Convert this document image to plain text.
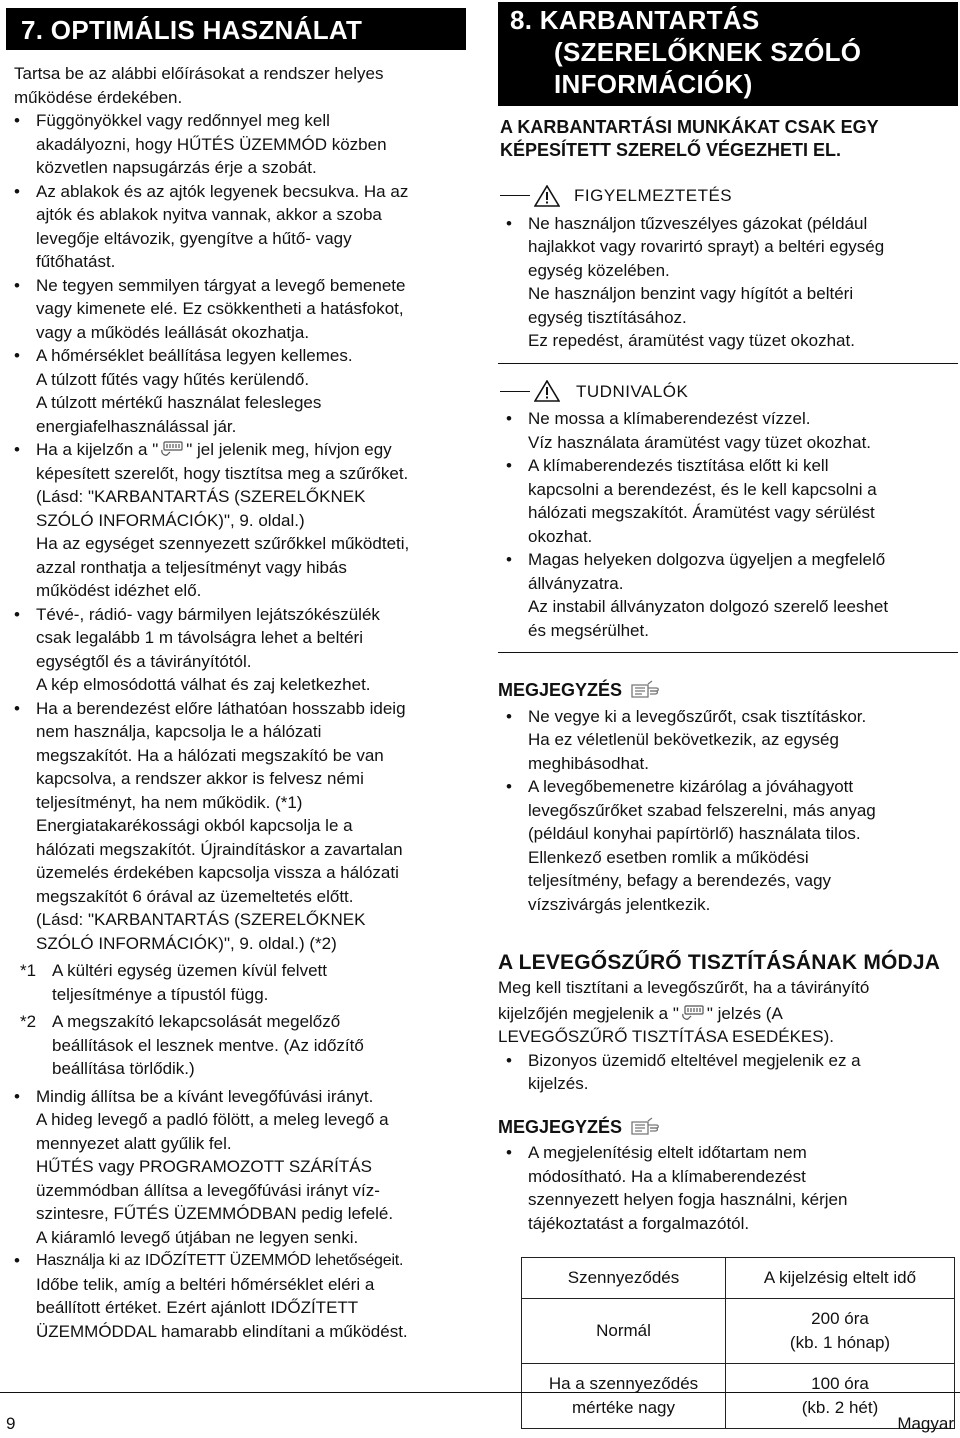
7. OPTIMÁLIS HASZNÁLAT
Tartsa be az alábbi előírásokat a rendszer helyes
működése érdekében.
• Függönyökkel vagy redőnnyel meg kell
akadályozni, hogy HŰTÉS ÜZEMMÓD közben
közvetlen napsugárzás érje a szobát.
• Az ablakok és az ajtók legyenek becsukva. Ha az
ajtók és ablakok nyitva vannak, akkor a szoba
levegője eltávozik, gyengítve a hűtő- vagy
fűtőhatást.
• Ne tegyen semmilyen tárgyat a levegő bemenete
vagy kimenete elé. Ez csökkentheti a hatásfokot,
vagy a működés leállását okozhatja.
• A hőmérséklet beállítása legyen kellemes.
A túlzott fűtés vagy hűtés kerülendő.
A túlzott mértékű használat felesleges
energiafelhasználással jár.
• Ha a kijelzőn a " " jel jelenik meg, hívjon egy
képesített szerelőt, hogy tisztítsa meg a szűrőket.
(Lásd: "KARBANTARTÁS (SZERELŐKNEK
SZÓLÓ INFORMÁCIÓK)", 9. oldal.)
Ha az egységet szennyezett szűrőkkel működteti,
azzal ronthatja a teljesítményt vagy hibás
működést idézhet elő.
• Tévé-, rádió- vagy bármilyen lejátszókészülék
csak legalább 1 m távolságra lehet a beltéri
egységtől és a távirányítótól.
A kép elmosódottá válhat és zaj keletkezhet.
• Ha a berendezést előre láthatóan hosszabb ideig
nem használja, kapcsolja le a hálózati
megszakítót. Ha a hálózati megszakító be van
kapcsolva, a rendszer akkor is felvesz némi
teljesítményt, ha nem működik. (*1)
Energiatakarékossági okból kapcsolja le a
hálózati megszakítót. Újraindításkor a zavartalan
üzemelés érdekében kapcsolja vissza a hálózati
megszakítót 6 órával az üzemeltetés előtt.
(Lásd: "KARBANTARTÁS (SZERELŐKNEK
SZÓLÓ INFORMÁCIÓK)", 9. oldal.) (*2)
*1 A kültéri egység üzemen kívül felvett
teljesítménye a típustól függ.
*2 A megszakító lekapcsolását megelőző
beállítások el lesznek mentve. (Az időzítő
beállítása törlődik.)
• Mindig állítsa be a kívánt levegőfúvási irányt.
A hideg levegő a padló fölött, a meleg levegő a
mennyezet alatt gyűlik fel.
HŰTÉS vagy PROGRAMOZOTT SZÁRÍTÁS
üzemmódban állítsa a levegőfúvási irányt víz-
szintesre, FŰTÉS ÜZEMMÓDBAN pedig lefelé.
A kiáramló levegő útjában ne legyen senki.
• Használja ki az IDŐZÍTETT ÜZEMMÓD lehetőségeit.
Időbe telik, amíg a beltéri hőmérséklet eléri a
beállított értéket. Ezért ajánlott IDŐZÍTETT
ÜZEMMÓDDAL hamarabb elindítani a működést.
8. KARBANTARTÁS
(SZERELŐKNEK SZÓLÓ
INFORMÁCIÓK)
A KARBANTARTÁSI MUNKÁKAT CSAK EGY
KÉPESÍTETT SZERELŐ VÉGEZHETI EL.
FIGYELMEZTETÉS
• Ne használjon tűzveszélyes gázokat (például
hajlakkot vagy rovarirtó sprayt) a beltéri egység
egység közelében.
Ne használjon benzint vagy hígítót a beltéri
egység tisztításához.
Ez repedést, áramütést vagy tüzet okozhat.
TUDNIVALÓK
• Ne mossa a klímaberendezést vízzel.
Víz használata áramütést vagy tüzet okozhat.
• A klímaberendezés tisztítása előtt ki kell
kapcsolni a berendezést, és le kell kapcsolni a
hálózati megszakítót. Áramütést vagy sérülést
okozhat.
• Magas helyeken dolgozva ügyeljen a megfelelő
állványzatra.
Az instabil állványzaton dolgozó szerelő leeshet
és megsérülhet.
MEGJEGYZÉS
• Ne vegye ki a levegőszűrőt, csak tisztításkor.
Ha ez véletlenül bekövetkezik, az egység
meghibásodhat.
• A levegőbemenetre kizárólag a jóváhagyott
levegőszűrőket szabad felszerelni, más anyag
(például konyhai papírtörlő) használata tilos.
Ellenkező esetben romlik a működési
teljesítmény, befagy a berendezés, vagy
vízszivárgás jelentkezik.
A LEVEGŐSZŰRŐ TISZTÍTÁSÁNAK MÓDJA
Meg kell tisztítani a levegőszűrőt, ha a távirányító
kijelzőjén megjelenik a " " jelzés (A
LEVEGŐSZŰRŐ TISZTÍTÁSA ESEDÉKES).
• Bizonyos üzemidő elteltével megjelenik ez a
kijelzés.
MEGJEGYZÉS
• A megjelenítésig eltelt időtartam nem
módosítható. Ha a klímaberendezést
szennyezett helyen fogja használni, kérjen
tájékoztatást a forgalmazótól.
Szennyeződés	A kijelzésig eltelt idő

Normál	200 óra
(kb. 1 hónap)

Ha a szennyeződés
mértéke nagy	100 óra
(kb. 2 hét)
9	Magyar
